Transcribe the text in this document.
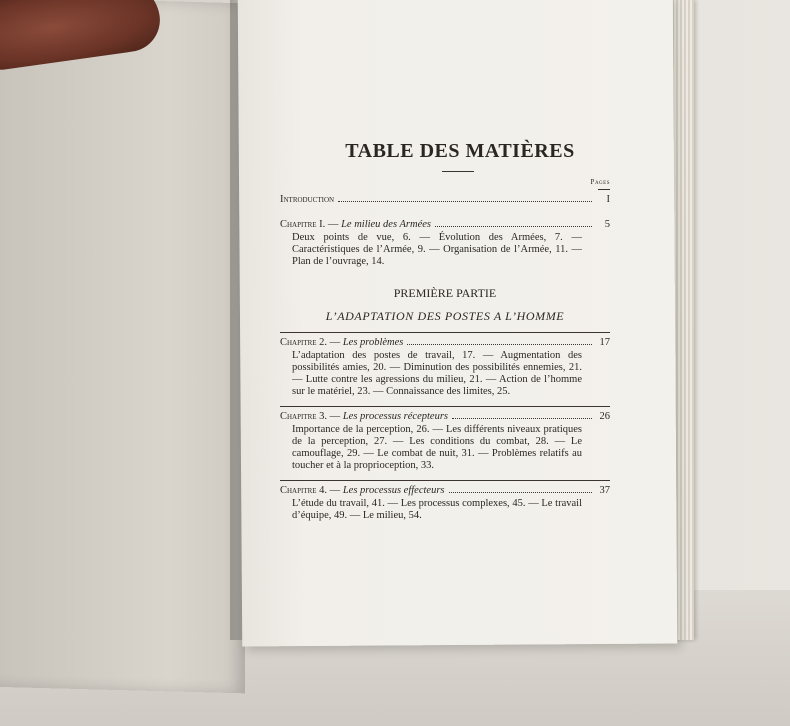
TABLE DES MATIÈRES
Pages
Introduction	I
Chapitre I. — Le milieu des Armées	5
Deux points de vue, 6. — Évolution des Armées, 7. — Caractéristiques de l’Armée, 9. — Organisation de l’Armée, 11. — Plan de l’ouvrage, 14.
PREMIÈRE PARTIE
L’ADAPTATION DES POSTES A L’HOMME
Chapitre 2. — Les problèmes	17
L’adaptation des postes de travail, 17. — Augmentation des possibilités amies, 20. — Diminution des possibilités ennemies, 21. — Lutte contre les agressions du milieu, 21. — Action de l’homme sur le matériel, 23. — Connaissance des limites, 25.
Chapitre 3. — Les processus récepteurs	26
Importance de la perception, 26. — Les différents niveaux pratiques de la perception, 27. — Les conditions du combat, 28. — Le camouflage, 29. — Le combat de nuit, 31. — Problèmes relatifs au toucher et à la proprioception, 33.
Chapitre 4. — Les processus effecteurs	37
L’étude du travail, 41. — Les processus complexes, 45. — Le travail d’équipe, 49. — Le milieu, 54.
